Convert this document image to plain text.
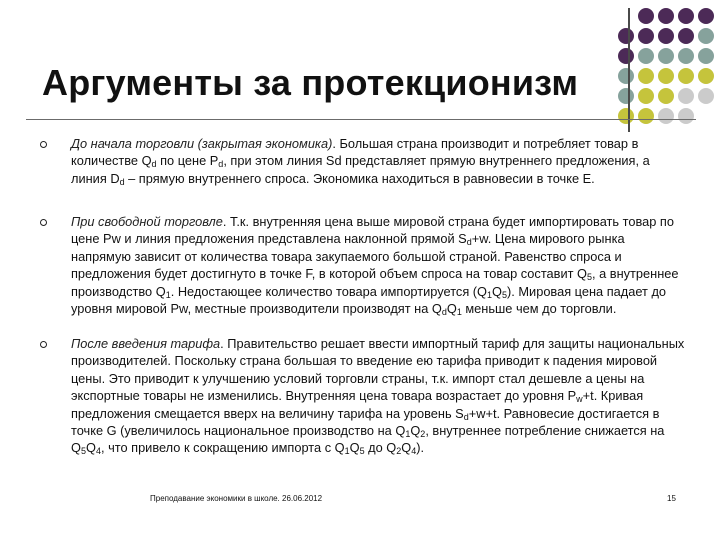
Аргументы за протекционизм
До начала торговли (закрытая экономика). Большая страна производит и потребляет товар в количестве $Q_d$ по цене $P_d$, при этом линия Sd представляет прямую внутреннего предложения, а линия $D_d$ – прямую внутреннего спроса. Экономика находиться в равновесии в точке Е.
При свободной торговле. Т.к. внутренняя цена выше мировой страна будет импортировать товар по цене Pw и линия предложения представлена наклонной прямой $S_d+w$. Цена мирового рынка напрямую зависит от количества товара закупаемого большой страной. Равенство спроса и предложения будет достигнуто в точке F, в которой объем спроса на товар составит $Q_5$, а внутреннее производство $Q_1$. Недостающее количество товара импортируется $(Q_1Q_5)$. Мировая цена падает до уровня мировой Pw, местные производители производят на $Q_dQ_1$ меньше чем до торговли.
После введения тарифа. Правительство решает ввести импортный тариф для защиты национальных производителей. Поскольку страна большая то введение ею тарифа приводит к падения мировой цены. Это приводит к улучшению условий торговли страны, т.к. импорт стал дешевле а цены на экспортные товары не изменились. Внутренняя цена товара возрастает до уровня $P_w+t$. Кривая предложения смещается вверх на величину тарифа на уровень $S_d+w+t$. Равновесие достигается в точке G (увеличилось национальное производство на $Q_1Q_2$, внутреннее потребление снижается на $Q_5Q_4$, что привело к сокращению импорта с $Q_1Q_5$ до $Q_2Q_4$).
Преподавание экономики в школе. 26.06.2012	15
